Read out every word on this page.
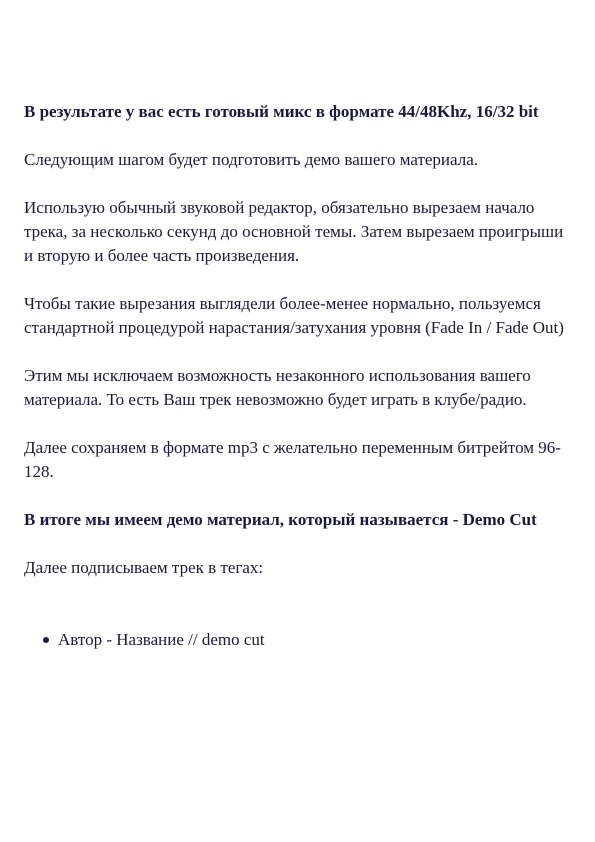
В результате у вас есть готовый микс в формате 44/48Khz, 16/32 bit

Следующим шагом будет подготовить демо вашего материала.

Использую обычный звуковой редактор, обязательно вырезаем начало трека, за несколько секунд до основной темы. Затем вырезаем проигрыши и вторую и более часть произведения.

Чтобы такие вырезания выглядели более-менее нормально, пользуемся стандартной процедурой нарастания/затухания уровня (Fade In / Fade Out)

Этим мы исключаем возможность незаконного использования вашего материала. То есть Ваш трек невозможно будет играть в клубе/радио.

Далее сохраняем в формате mp3 с желательно переменным битрейтом 96-128.

В итоге мы имеем демо материал, который называется - Demo Cut

Далее подписываем трек в тегах:

Автор - Название // demo cut
